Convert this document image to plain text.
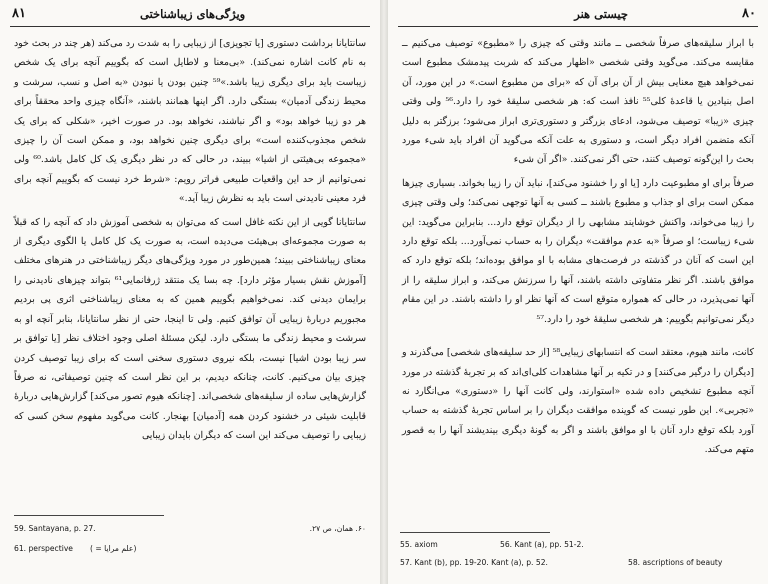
۸۱	ویژگی‌های زیباشناختی

سانتایانا برداشت دستوری [یا تجویزی] از زیبایی را به شدت رد می‌کند (هر چند در بحث خود به نام کانت اشاره نمی‌کند). «بی‌معنا و لاطایل است که بگوییم آنچه برای یک شخص زیباست باید برای دیگری زیبا باشد.»⁵⁹ چنین بودن یا نبودن «به اصل و نسب، سرشت و محیط زندگی آدمیان» بستگی دارد. اگر اینها همانند باشند، «آنگاه چیزی واحد محققاً برای هر دو زیبا خواهد بود» و اگر نباشند، نخواهد بود. در صورت اخیر، «شکلی که برای یک شخص مجذوب‌کننده است» برای دیگری چنین نخواهد بود، و ممکن است آن را چیزی «مجموعه بی‌هیئتی از اشیا» ببیند، در حالی که در نظر دیگری یک کل کامل باشد.⁶⁰ ولی نمی‌توانیم از حد این واقعیات طبیعی فراتر رویم: «شرط خرد نیست که بگوییم آنچه برای فرد معینی نادیدنی است باید به نظرش زیبا آید.»

سانتایانا گویی از این نکته غافل است که می‌توان به شخصی آموزش داد که آنچه را که قبلاً به صورت مجموعه‌ای بی‌هیئت می‌دیده است، به صورت یک کل کامل یا الگوی دیگری از معنای زیباشناختی ببیند؛ همین‌طور در مورد ویژگی‌های دیگر زیباشناختی در هنرهای مختلف [آموزش نقش بسیار مؤثر دارد]. چه بسا یک منتقد ژرفانمایی⁶¹ بتواند چیزهای نادیدنی را برایمان دیدنی کند. نمی‌خواهیم بگوییم همین که به معنای زیباشناختی اثری پی بردیم مجبوریم دربارهٔ زیبایی آن توافق کنیم. ولی تا اینجا، حتی از نظر سانتایانا، بنابر آنچه او به سرشت و محیط زندگی ما بستگی دارد. لیکن مسئلهٔ اصلی وجود اختلاف نظر [یا توافق بر سر زیبا بودن اشیا] نیست، بلکه نیروی دستوری سخنی است که برای زیبا توصیف کردن چیزی بیان می‌کنیم. کانت، چنانکه دیدیم، بر این نظر است که چنین توصیفاتی، نه صرفاً گزارش‌هایی ساده از سلیقه‌های شخصی‌اند. [چنانکه هیوم تصور می‌کند] گزارش‌هایی دربارهٔ قابلیت شیئی در خشنود کردن همه [آدمیان] بهنجار. کانت می‌گوید مفهوم سخن کسی که زیبایی را توصیف می‌کند این است که دیگران بایدان زیبایی

۶۰. همان، ص ۲۷.
59. Santayana, p. 27.
61. perspective (علم مرایا = )
۸۰
چیستی هنر

با ابراز سلیقه‌های صرفاً شخصی ــ مانند وقتی که چیزی را «مطبوع» توصیف می‌کنیم ــ مقایسه می‌کند. می‌گوید وقتی شخصی «اظهار می‌کند که شربت پیدمشک مطبوع است نمی‌خواهد هیچ معنایی بیش از آن برای آن که «برای من مطبوع است.» در این مورد، آن اصل بنیادین یا قاعدهٔ کلی⁵⁵ نافذ است که: هر شخصی سلیقهٔ خود را دارد.⁵⁶ ولی وقتی چیزی «زیبا» توصیف می‌شود، ادعای بزرگتر و دستوری‌تری ابراز می‌شود؛ برزگتر به دلیل آنکه متضمن افراد دیگر است، و دستوری به علت آنکه می‌گوید آن افراد باید شیء مورد بحث را این‌گونه توصیف کنند، حتی اگر نمی‌کنند. «اگر آن شیء

صرفاً برای او مطبوعیت دارد [یا او را خشنود می‌کند]، نباید آن را زیبا بخواند. بسیاری چیزها ممکن است برای او جذاب و مطبوع باشند ــ کسی به آنها توجهی نمی‌کند؛ ولی وقتی چیزی را زیبا می‌خواند، واکنش خوشایند مشابهی را از دیگران توقع دارد... بنابراین می‌گوید: این شیء زیباست؛ او صرفاً «به عدم موافقت» دیگران را به حساب نمی‌آورد... بلکه توقع دارد این است که آنان در گذشته در فرصت‌های مشابه با او موافق بوده‌اند؛ بلکه توقع دارد که موافق باشند. اگر نظر متفاوتی داشته باشند، آنها را سرزنش می‌کند، و ابراز سلیقه را از آنها نمی‌پذیرد، در حالی که همواره متوقع است که آنها نظر او را داشته باشند. در این مقام دیگر نمی‌توانیم بگوییم: هر شخصی سلیقهٔ خود را دارد.⁵⁷

کانت، مانند هیوم، معتقد است که انتسابهای زیبایی⁵⁸ [از حد سلیقه‌های شخصی] می‌گذرند و [دیگران را درگیر می‌کنند] و در تکیه بر آنها مشاهدات کلی‌ای‌اند که بر تجربهٔ گذشته در مورد آنچه مطبوع تشخیص داده شده «استوارند، ولی کانت آنها را «دستوری» می‌انگارد نه «تجربی». این طور نیست که گوینده موافقت دیگران را بر اساس تجربهٔ گذشته به حساب آورد بلکه توقع دارد آنان با او موافق باشند و اگر به گونهٔ دیگری بیندیشند آنها را به قصور متهم می‌کند.

55. axiom	56. Kant (a), pp. 51-2.
57. Kant (b), pp. 19-20. Kant (a), p. 52.	58. ascriptions of beauty
